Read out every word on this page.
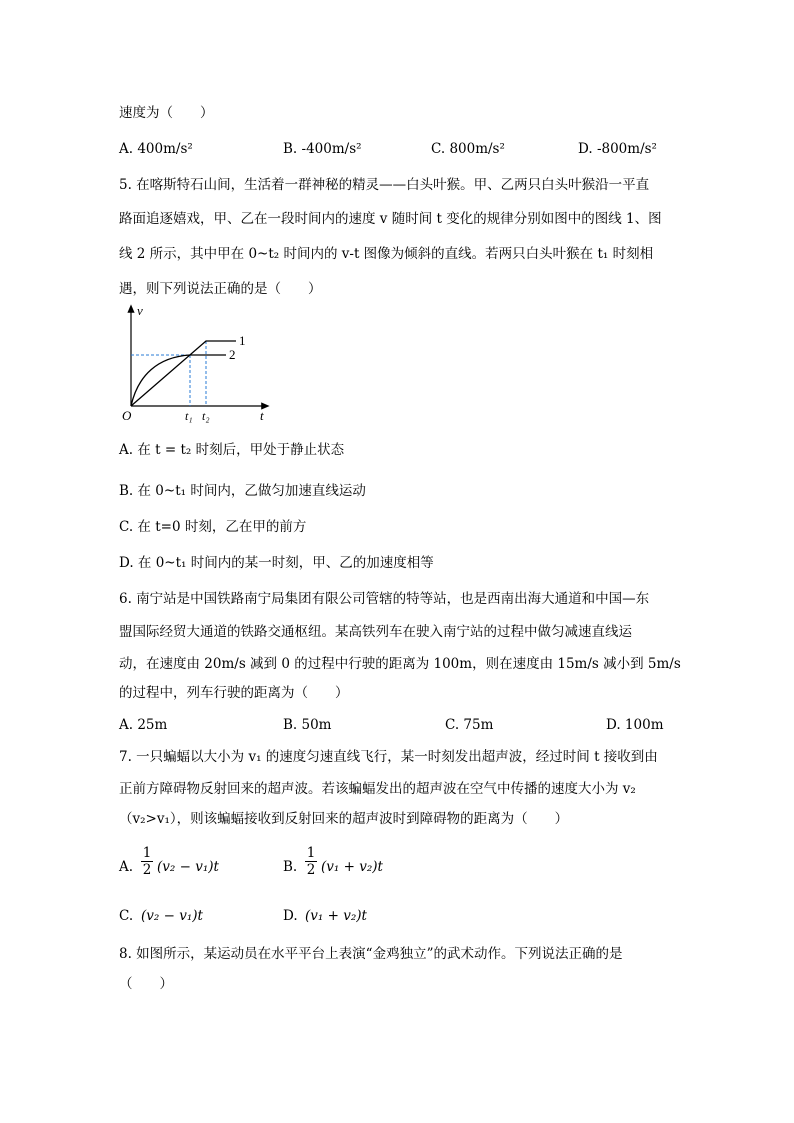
速度为（　　）
A. 400m/s²	B. -400m/s²	C. 800m/s²	D. -800m/s²
5. 在喀斯特石山间，生活着一群神秘的精灵——白头叶猴。甲、乙两只白头叶猴沿一平直
路面追逐嬉戏，甲、乙在一段时间内的速度 v 随时间 t 变化的规律分别如图中的图线 1、图
线 2 所示，其中甲在 0~t₂ 时间内的 v-t 图像为倾斜的直线。若两只白头叶猴在 t₁ 时刻相
遇，则下列说法正确的是（　　）
v
t
O
1
2
t₁ t₂
A. 在 t = t₂ 时刻后，甲处于静止状态
B. 在 0~t₁ 时间内，乙做匀加速直线运动
C. 在 t=0 时刻，乙在甲的前方
D. 在 0~t₁ 时间内的某一时刻，甲、乙的加速度相等
6. 南宁站是中国铁路南宁局集团有限公司管辖的特等站，也是西南出海大通道和中国—东
盟国际经贸大通道的铁路交通枢纽。某高铁列车在驶入南宁站的过程中做匀减速直线运
动，在速度由 20m/s 减到 0 的过程中行驶的距离为 100m，则在速度由 15m/s 减小到 5m/s
的过程中，列车行驶的距离为（　　）
A. 25m	B. 50m	C. 75m	D. 100m
7. 一只蝙蝠以大小为 v₁ 的速度匀速直线飞行，某一时刻发出超声波，经过时间 t 接收到由
正前方障碍物反射回来的超声波。若该蝙蝠发出的超声波在空气中传播的速度大小为 v₂
（v₂>v₁），则该蝙蝠接收到反射回来的超声波时到障碍物的距离为（　　）
A.
1
2 (v₂ − v₁)t	B.
1
2 (v₁ + v₂)t
C. (v₂ − v₁)t	D. (v₁ + v₂)t
8. 如图所示，某运动员在水平平台上表演“金鸡独立”的武术动作。下列说法正确的是
（　　）
